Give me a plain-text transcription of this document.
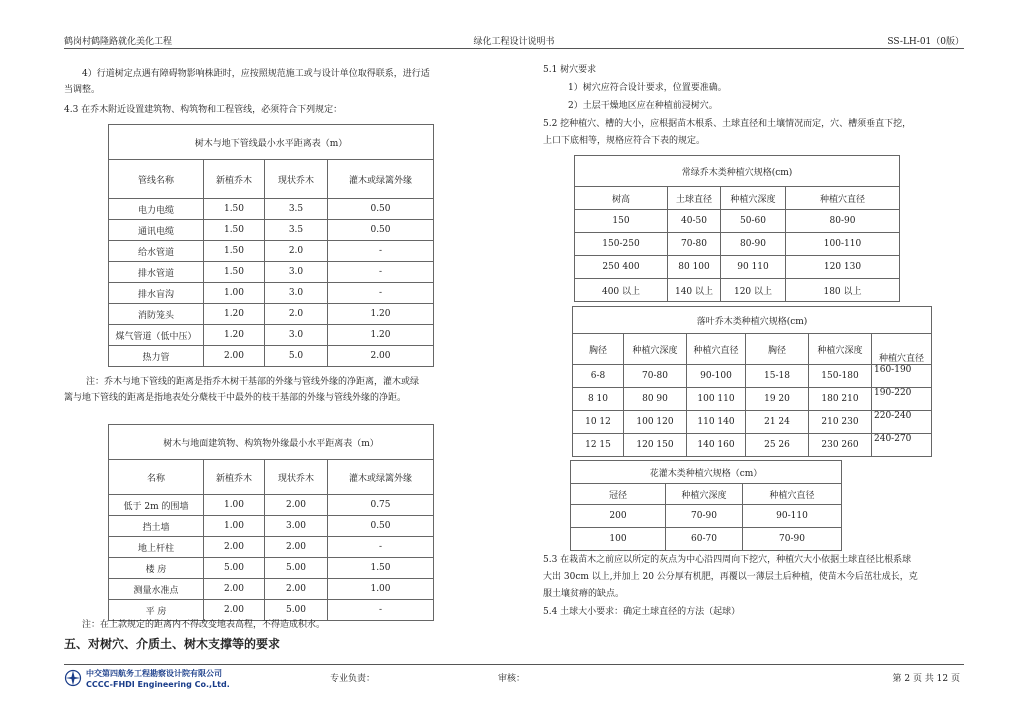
鹤岗村鹤隆路就化美化工程	绿化工程设计说明书	SS-LH-01（0版）
4）行道树定点遇有障碍物影响株距时，应按照规范施工或与设计单位取得联系，进行适
当调整。
4.3 在乔木附近设置建筑物、构筑物和工程管线，必须符合下列规定：
树木与地下管线最小水平距离表（m）			
管线名称	新植乔木	现状乔木	灌木或绿篱外缘
电力电缆	1.50	3.5	0.50
通讯电缆	1.50	3.5	0.50
给水管道	1.50	2.0	-
排水管道	1.50	3.0	-
排水盲沟	1.00	3.0	-
消防笼头	1.20	2.0	1.20
煤气管道（低中压）	1.20	3.0	1.20
热力管	2.00	5.0	2.00
注：乔木与地下管线的距离是指乔木树干基部的外缘与管线外缘的净距离，灌木或绿
篱与地下管线的距离是指地表处分蘖枝干中最外的枝干基部的外缘与管线外缘的净距。
树木与地面建筑物、构筑物外缘最小水平距离表（m）			
名称	新植乔木	现状乔木	灌木或绿篱外缘
低于 2m 的围墙	1.00	2.00	0.75
挡土墙	1.00	3.00	0.50
地上杆柱	2.00	2.00	-
楼 房	5.00	5.00	1.50
测量水准点	2.00	2.00	1.00
平 房	2.00	5.00	-
注：在上款规定的距离内不得改变地表高程，不得造成积水。
五、对树穴、介质土、树木支撑等的要求
5.1 树穴要求
1）树穴应符合设计要求，位置要准确。
2）土层干燥地区应在种植前浸树穴。
5.2 挖种植穴、槽的大小，应根据苗木根系、土球直径和土壤情况而定，穴、槽须垂直下挖，
上口下底相等，规格应符合下表的规定。
常绿乔木类种植穴规格(cm)			
树高	土球直径	种植穴深度	种植穴直径
150	40-50	50-60	80-90
150-250	70-80	80-90	100-110
250 400	80 100	90 110	120 130
400 以上	140 以上	120 以上	180 以上
落叶乔木类种植穴规格(cm)					
胸径	种植穴深度	种植穴直径	胸径	种植穴深度	种植穴直径
6-8	70-80	90-100	15-18	150-180	160-190
8 10	80 90	100 110	19 20	180 210	190-220
10 12	100 120	110 140	21 24	210 230	220-240
12 15	120 150	140 160	25 26	230 260	240-270
花灌木类种植穴规格（cm）		
冠径	种植穴深度	种植穴直径
200	70-90	90-110
100	60-70	70-90
5.3 在栽苗木之前应以所定的灰点为中心沿四周向下挖穴，种植穴大小依据土球直径比根系球
大出 30cm 以上,并加上 20 公分厚有机肥，再覆以一薄层土后种植，使苗木今后茁壮成长，克
服土壤贫瘠的缺点。
5.4 土球大小要求：确定土球直径的方法（起球）
中交第四航务工程勘察设计院有限公司
CCCC-FHDI Engineering Co.,Ltd.
专业负责：	审核：	第 2 页 共 12 页
